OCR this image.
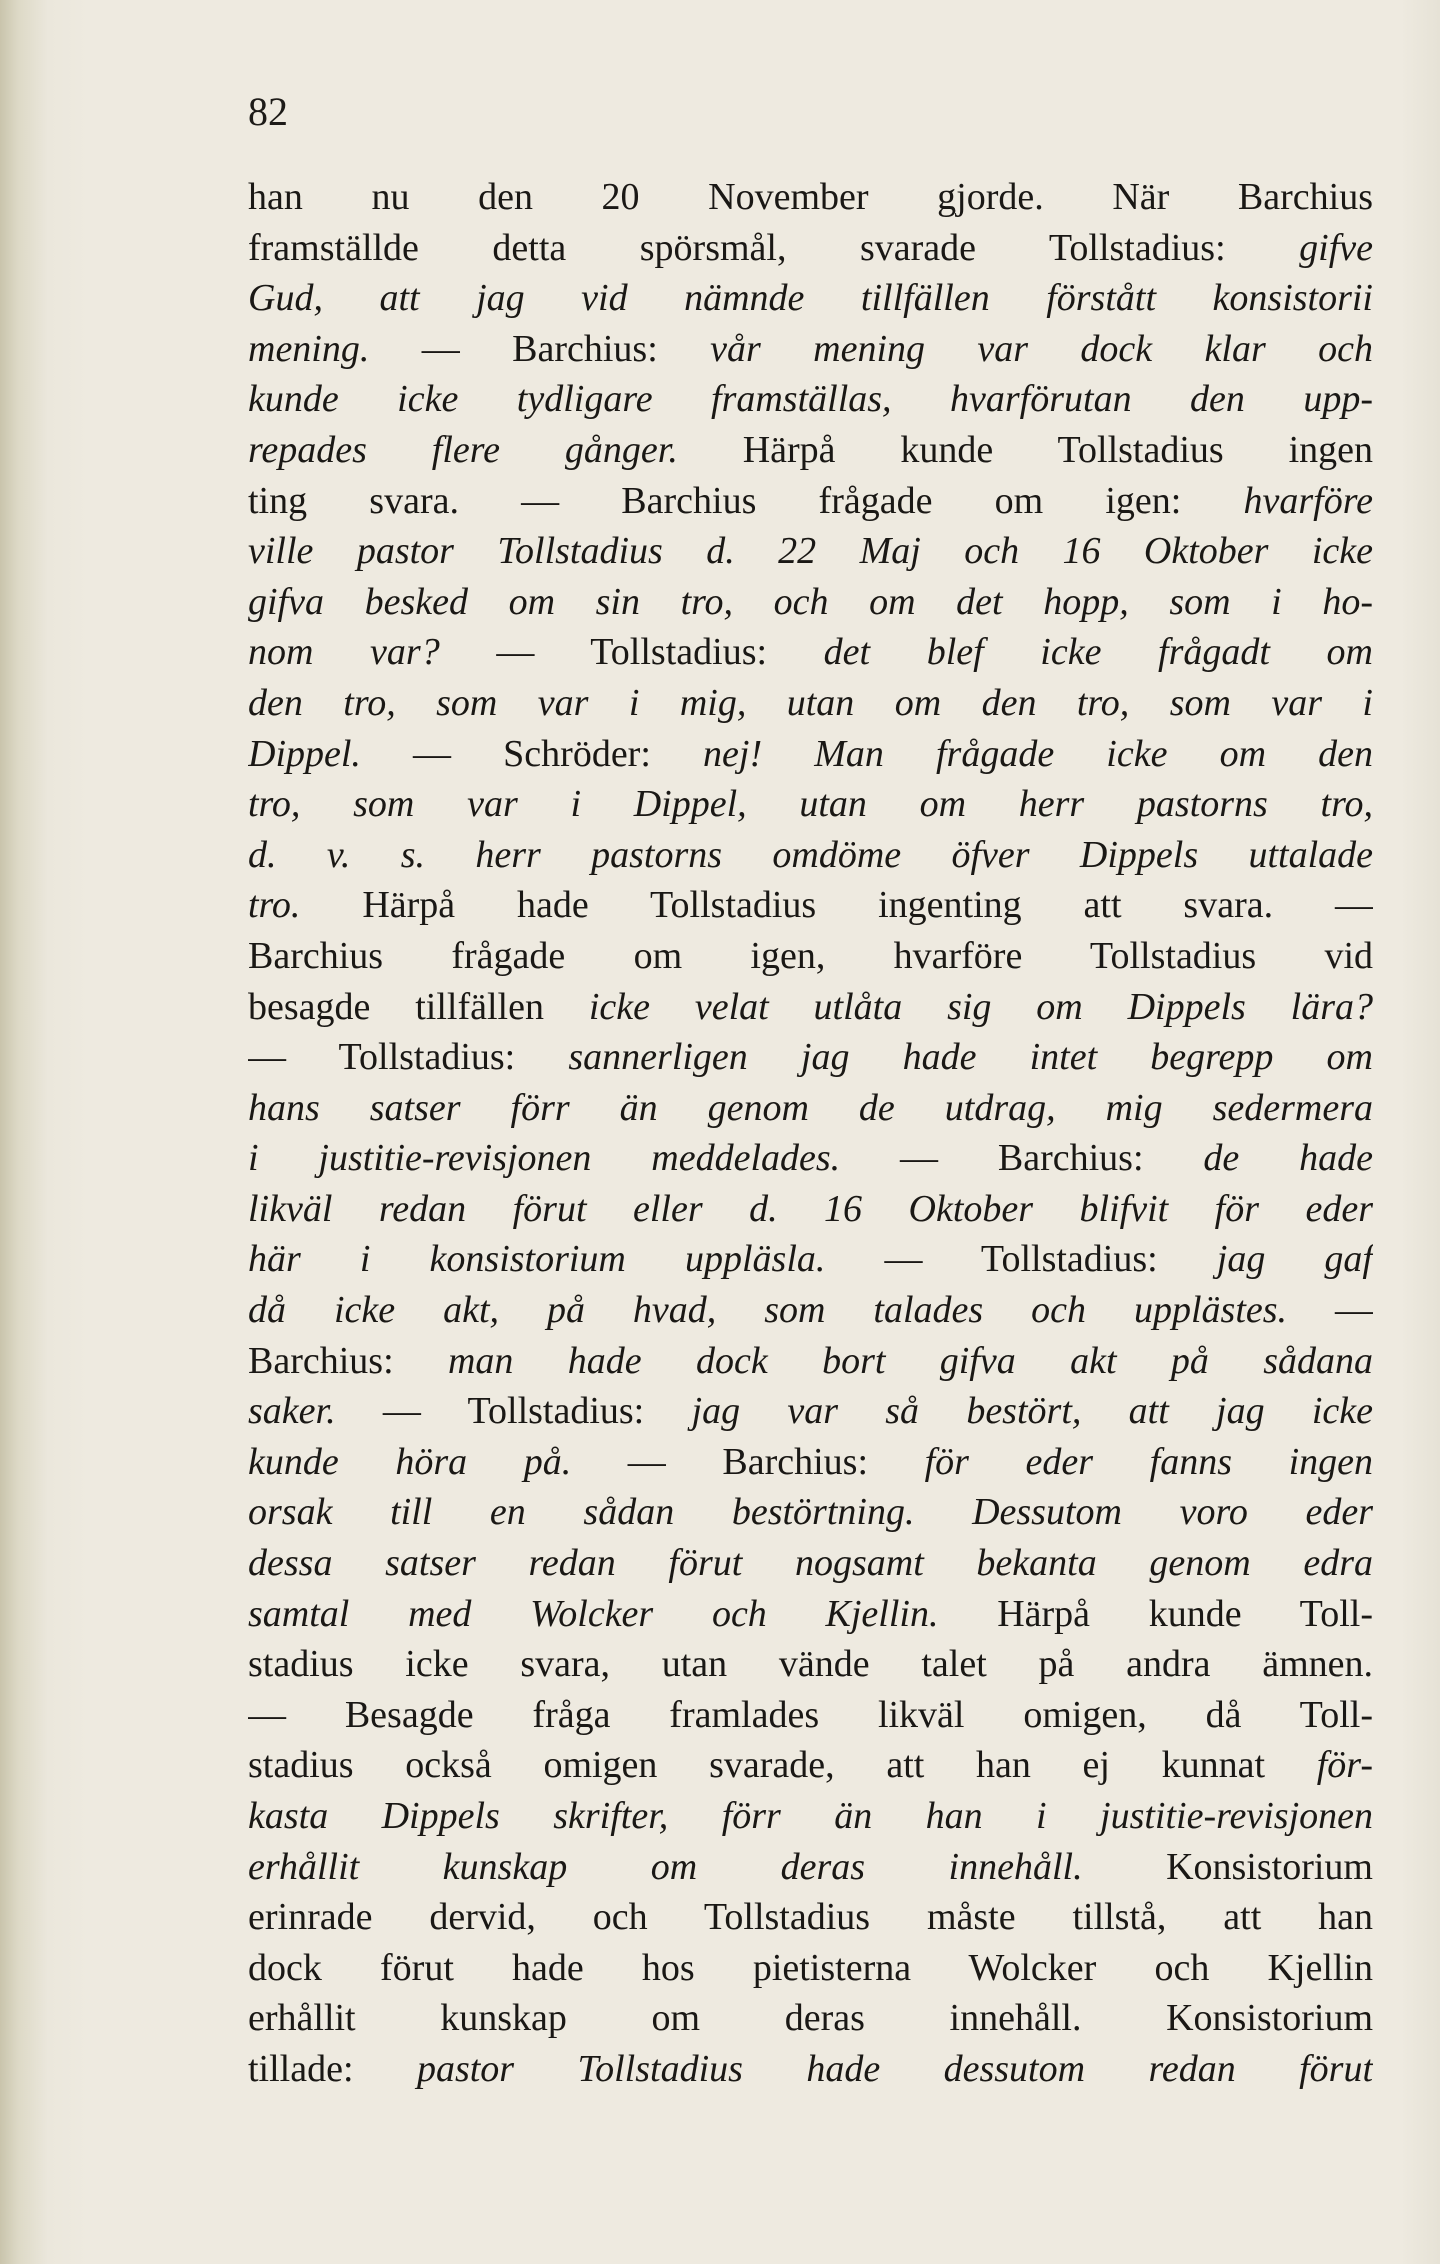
82
han nu den 20 November gjorde. När Barchius
framställde detta spörsmål, svarade Tollstadius: gifve
Gud, att jag vid nämnde tillfällen förstått konsistorii
mening. — Barchius: vår mening var dock klar och
kunde icke tydligare framställas, hvarförutan den upp-
repades flere gånger. Härpå kunde Tollstadius ingen
ting svara. — Barchius frågade om igen: hvarföre
ville pastor Tollstadius d. 22 Maj och 16 Oktober icke
gifva besked om sin tro, och om det hopp, som i ho-
nom var? — Tollstadius: det blef icke frågadt om
den tro, som var i mig, utan om den tro, som var i
Dippel. — Schröder: nej! Man frågade icke om den
tro, som var i Dippel, utan om herr pastorns tro,
d. v. s. herr pastorns omdöme öfver Dippels uttalade
tro. Härpå hade Tollstadius ingenting att svara. —
Barchius frågade om igen, hvarföre Tollstadius vid
besagde tillfällen icke velat utlåta sig om Dippels lära?
— Tollstadius: sannerligen jag hade intet begrepp om
hans satser förr än genom de utdrag, mig sedermera
i justitie-revisjonen meddelades. — Barchius: de hade
likväl redan förut eller d. 16 Oktober blifvit för eder
här i konsistorium uppläsla. — Tollstadius: jag gaf
då icke akt, på hvad, som talades och upplästes. —
Barchius: man hade dock bort gifva akt på sådana
saker. — Tollstadius: jag var så bestört, att jag icke
kunde höra på. — Barchius: för eder fanns ingen
orsak till en sådan bestörtning. Dessutom voro eder
dessa satser redan förut nogsamt bekanta genom edra
samtal med Wolcker och Kjellin. Härpå kunde Toll-
stadius icke svara, utan vände talet på andra ämnen.
— Besagde fråga framlades likväl omigen, då Toll-
stadius också omigen svarade, att han ej kunnat för-
kasta Dippels skrifter, förr än han i justitie-revisjonen
erhållit kunskap om deras innehåll. Konsistorium
erinrade dervid, och Tollstadius måste tillstå, att han
dock förut hade hos pietisterna Wolcker och Kjellin
erhållit kunskap om deras innehåll. Konsistorium
tillade: pastor Tollstadius hade dessutom redan förut
